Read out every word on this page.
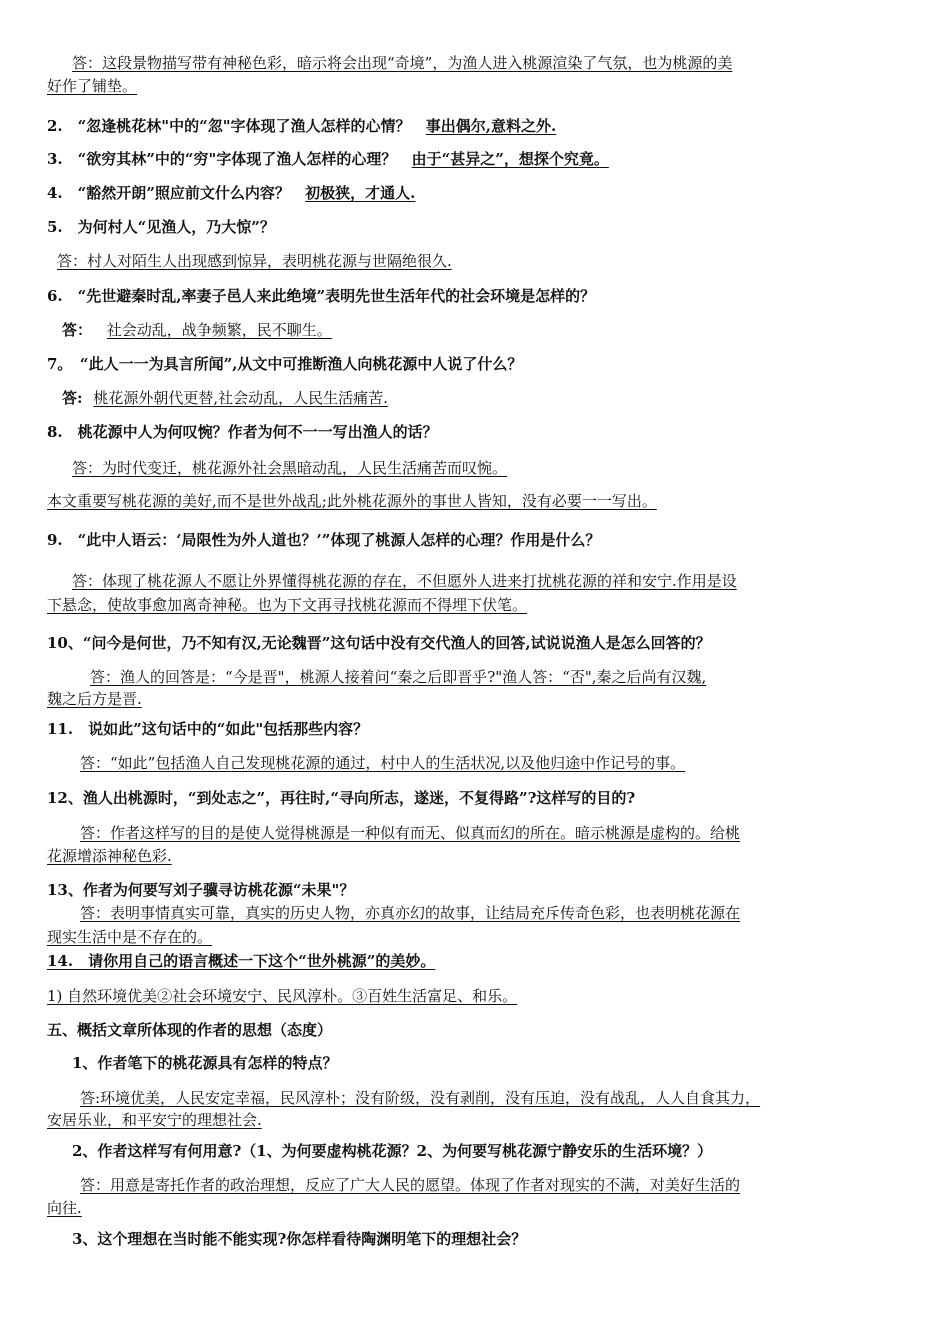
答：这段景物描写带有神秘色彩，暗示将会出现“奇境”，为渔人进入桃源渲染了气氛，也为桃源的美
好作了铺垫。
2.　“忽逢桃花林"中的“忽"字体现了渔人怎样的心情？ 事出偶尔,意料之外.
3.　“欲穷其林”中的“穷"字体现了渔人怎样的心理？ 由于“甚异之”，想探个究竟。
4.　“豁然开朗”照应前文什么内容？ 初极狭，才通人.
5.　为何村人“见渔人，乃大惊”？
答：村人对陌生人出现感到惊异，表明桃花源与世隔绝很久.
6.　“先世避秦时乱,率妻子邑人来此绝境”表明先世生活年代的社会环境是怎样的？
答： 社会动乱，战争频繁，民不聊生。
7。　“此人一一为具言所闻”,从文中可推断渔人向桃花源中人说了什么？
答: 桃花源外朝代更替,社会动乱，人民生活痛苦.
8.　桃花源中人为何叹惋？作者为何不一一写出渔人的话？
答：为时代变迁，桃花源外社会黑暗动乱，人民生活痛苦而叹惋。
本文重要写桃花源的美好,而不是世外战乱;此外桃花源外的事世人皆知，没有必要一一写出。
9.　“此中人语云：‘局限性为外人道也？’”体现了桃源人怎样的心理？作用是什么？
答：体现了桃花源人不愿让外界懂得桃花源的存在，不但愿外人进来打扰桃花源的祥和安宁.作用是设
下悬念，使故事愈加离奇神秘。也为下文再寻找桃花源而不得埋下伏笔。
10、“问今是何世，乃不知有汉,无论魏晋”这句话中没有交代渔人的回答,试说说渔人是怎么回答的？
答：渔人的回答是：“今是晋"，桃源人接着问“秦之后即晋乎?"渔人答：“否",秦之后尚有汉魏,
魏之后方是晋.
11.　说如此”这句话中的“如此"包括那些内容？
答：“如此”包括渔人自己发现桃花源的通过，村中人的生活状况,以及他归途中作记号的事。
12、渔人出桃源时，“到处志之”，再往时,“寻向所志，遂迷，不复得路”?这样写的目的?
答：作者这样写的目的是使人觉得桃源是一种似有而无、似真而幻的所在。暗示桃源是虚构的。给桃
花源增添神秘色彩.
13、作者为何要写刘子骥寻访桃花源“未果"？
答：表明事情真实可靠，真实的历史人物，亦真亦幻的故事，让结局充斥传奇色彩，也表明桃花源在
现实生活中是不存在的。
14.　请你用自己的语言概述一下这个“世外桃源”的美妙。
1) 自然环境优美②社会环境安宁、民风淳朴。③百姓生活富足、和乐。
五、概括文章所体现的作者的思想（态度）
1、作者笔下的桃花源具有怎样的特点？
答:环境优美，人民安定幸福，民风淳朴；没有阶级，没有剥削，没有压迫，没有战乱，人人自食其力，
安居乐业，和平安宁的理想社会.
2、作者这样写有何用意?（1、为何要虚构桃花源？2、为何要写桃花源宁静安乐的生活环境？）
答：用意是寄托作者的政治理想，反应了广大人民的愿望。体现了作者对现实的不满，对美好生活的
向往.
3、这个理想在当时能不能实现?你怎样看待陶渊明笔下的理想社会？
